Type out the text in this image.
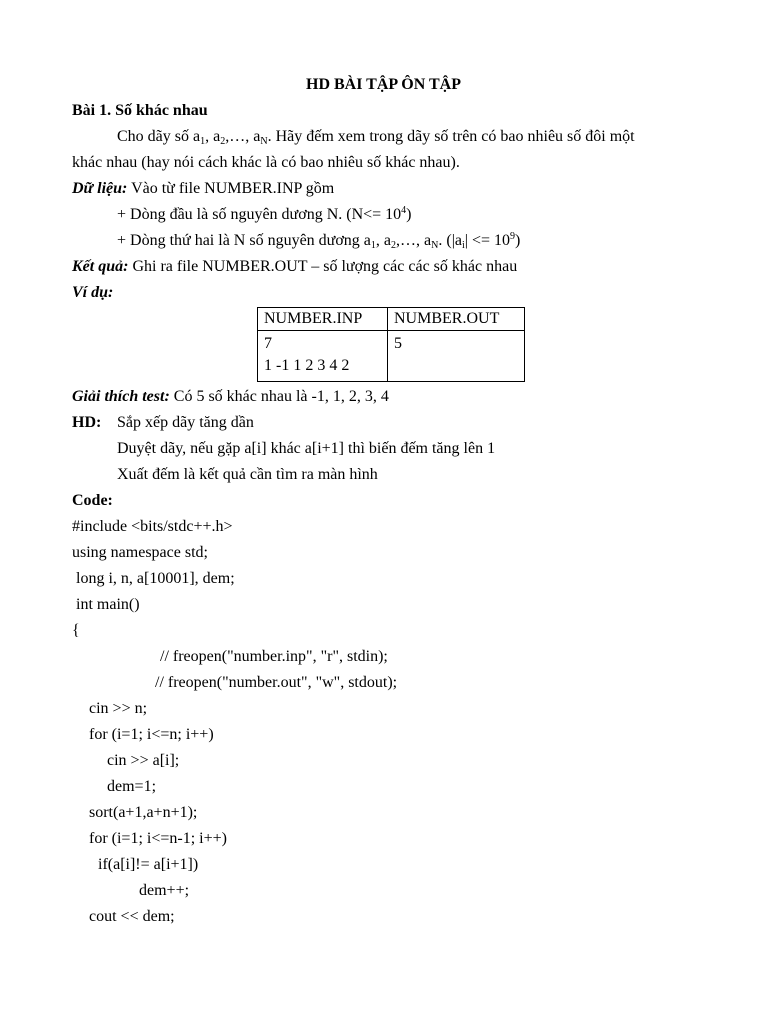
HD BÀI TẬP ÔN TẬP
Bài 1. Số khác nhau
Cho dãy số $a_1$, $a_2,\dots$, $a_N$. Hãy đếm xem trong dãy số trên có bao nhiêu số đôi một
khác nhau (hay nói cách khác là có bao nhiêu số khác nhau).
Dữ liệu: Vào từ file NUMBER.INP gồm
+ Dòng đầu là số nguyên dương N. $(N<= 10^4)$
+ Dòng thứ hai là N số nguyên dương $a_1$, $a_2,\dots$, $a_N$. $(|a_i| <= 10^9)$
Kết quả: Ghi ra file NUMBER.OUT – số lượng các các số khác nhau
Ví dụ:
NUMBER.INP	NUMBER.OUT

7
1 -1 1 2 3 4 2	5
Giải thích test: Có 5 số khác nhau là -1, 1, 2, 3, 4
HD: Sắp xếp dãy tăng dần
Duyệt dãy, nếu gặp a[i] khác a[i+1] thì biến đếm tăng lên 1
Xuất đếm là kết quả cần tìm ra màn hình
Code:
#include <bits/stdc++.h>
using namespace std;
long i, n, a[10001], dem;
int main()
{
// freopen("number.inp", "r", stdin);
// freopen("number.out", "w", stdout);
cin >> n;
for (i=1; i<=n; i++)
cin >> a[i];
dem=1;
sort(a+1,a+n+1);
for (i=1; i<=n-1; i++)
if(a[i]!= a[i+1])
dem++;
cout << dem;
